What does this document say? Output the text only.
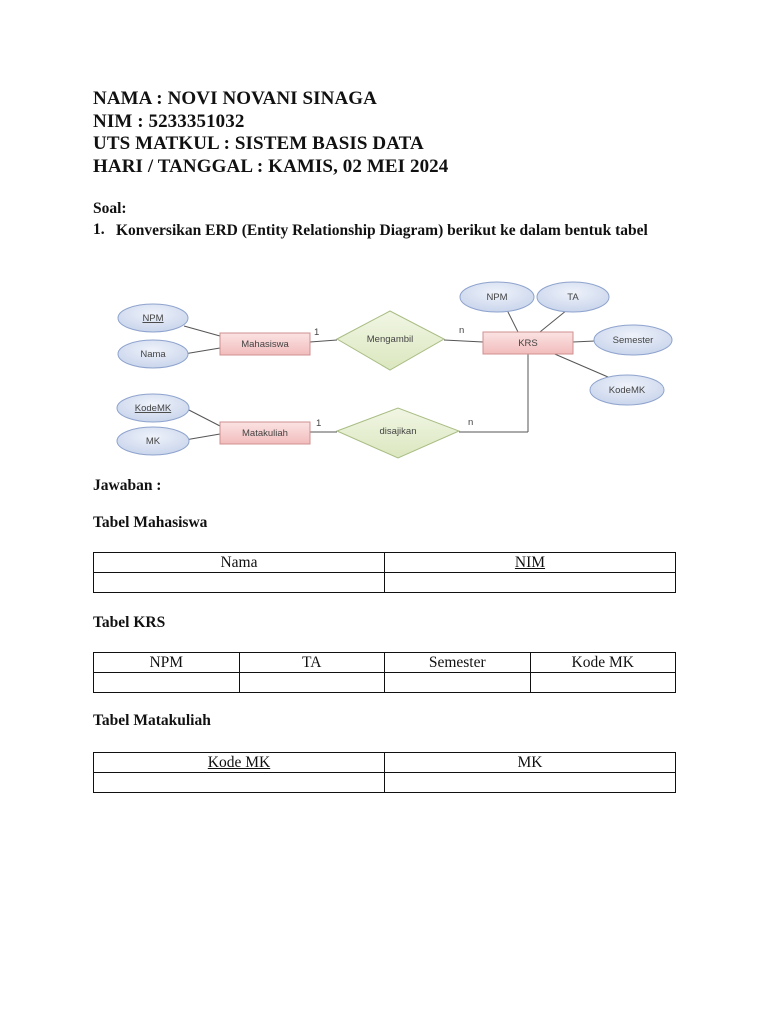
NAMA : NOVI NOVANI SINAGA
NIM : 5233351032
UTS MATKUL : SISTEM BASIS DATA
HARI / TANGGAL : KAMIS, 02 MEI 2024
Soal:
1. Konversikan ERD (Entity Relationship Diagram) berikut ke dalam bentuk tabel
NPM
Nama
NPM	TA
Semester
KodeMK
KodeMK
MK
Mahasiswa	KRS
Matakuliah
Mengambil
disajikan
1	n
1	n
Jawaban :
Tabel Mahasiswa
Nama	NIM

Tabel KRS
NPM	TA	Semester	Kode MK

Tabel Matakuliah
Kode MK	MK
